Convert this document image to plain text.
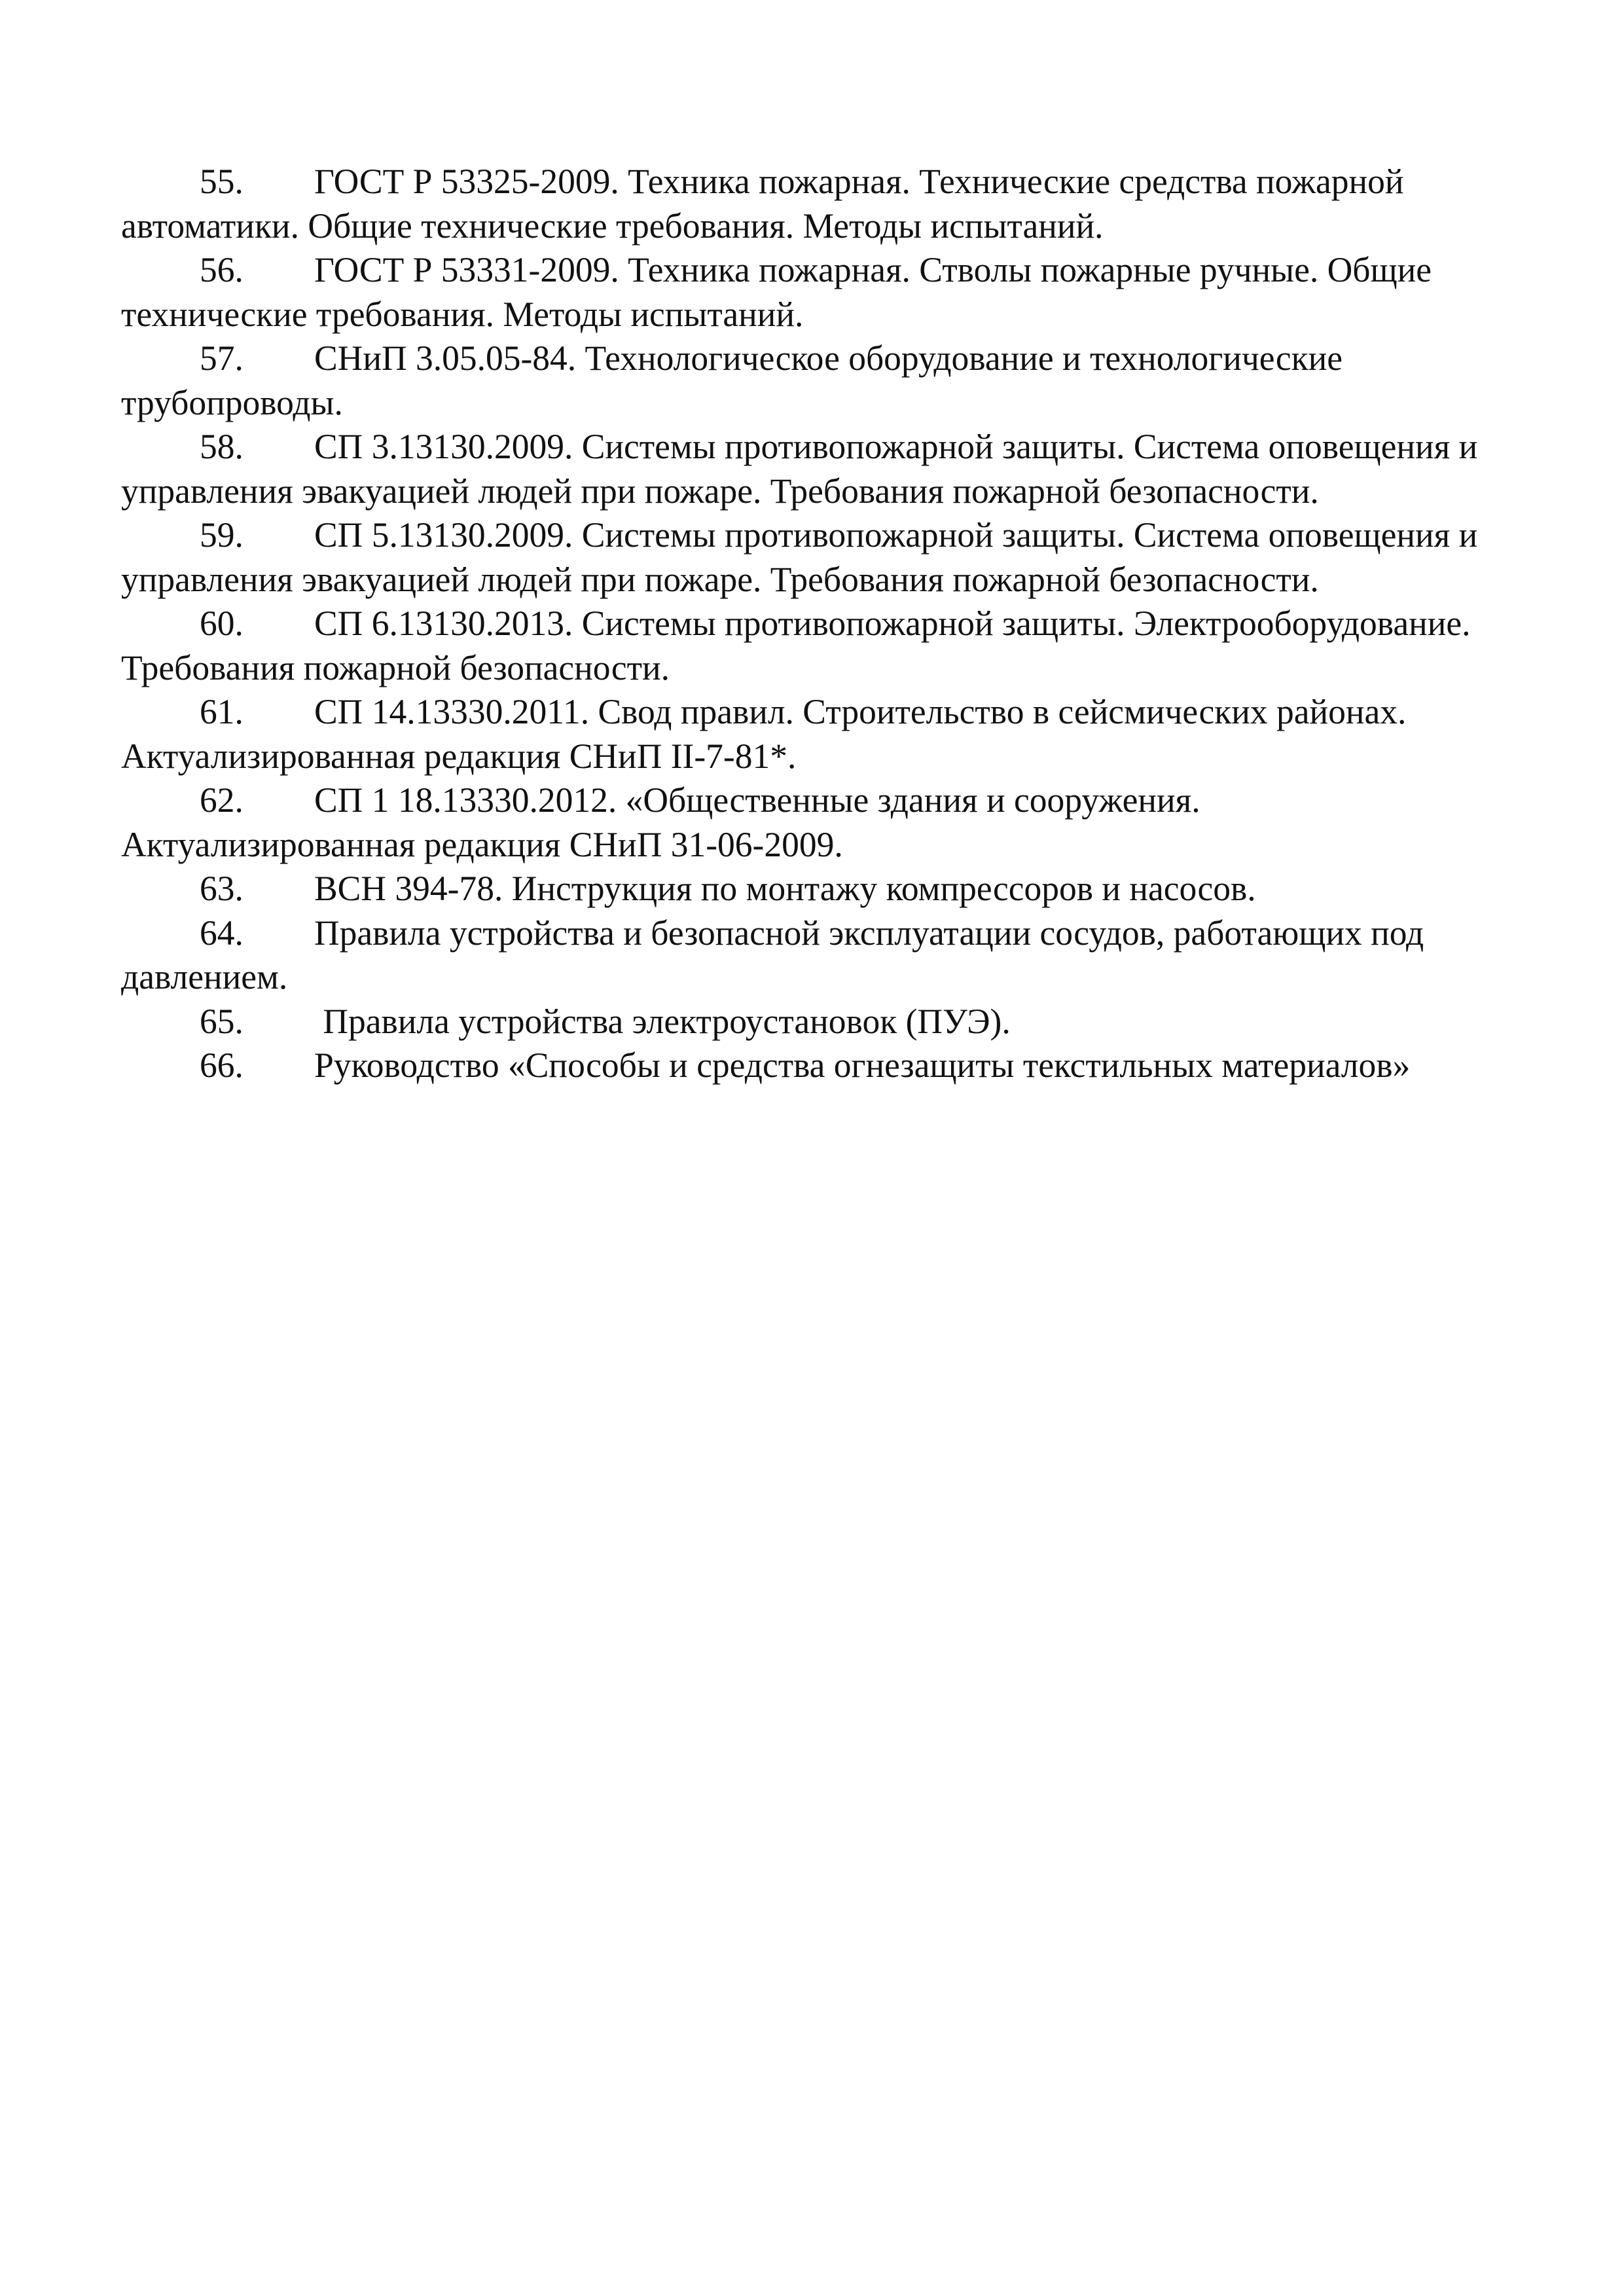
55. ГОСТ Р 53325-2009. Техника пожарная. Технические средства пожарной автоматики. Общие технические требования. Методы испытаний.
56. ГОСТ Р 53331-2009. Техника пожарная. Стволы пожарные ручные. Общие технические требования. Методы испытаний.
57. СНиП 3.05.05-84. Технологическое оборудование и технологические трубопроводы.
58. СП 3.13130.2009. Системы противопожарной защиты. Система оповещения и управления эвакуацией людей при пожаре. Требования пожарной безопасности.
59. СП 5.13130.2009. Системы противопожарной защиты. Система оповещения и управления эвакуацией людей при пожаре. Требования пожарной безопасности.
60. СП 6.13130.2013. Системы противопожарной защиты. Электрооборудование. Требования пожарной безопасности.
61. СП 14.13330.2011. Свод правил. Строительство в сейсмических районах. Актуализированная редакция СНиП II-7-81*.
62. СП 1 18.13330.2012. «Общественные здания и сооружения. Актуализированная редакция СНиП 31-06-2009.
63. ВСН 394-78. Инструкция по монтажу компрессоров и насосов.
64. Правила устройства и безопасной эксплуатации сосудов, работающих под давлением.
65. Правила устройства электроустановок (ПУЭ).
66. Руководство «Способы и средства огнезащиты текстильных материалов»
